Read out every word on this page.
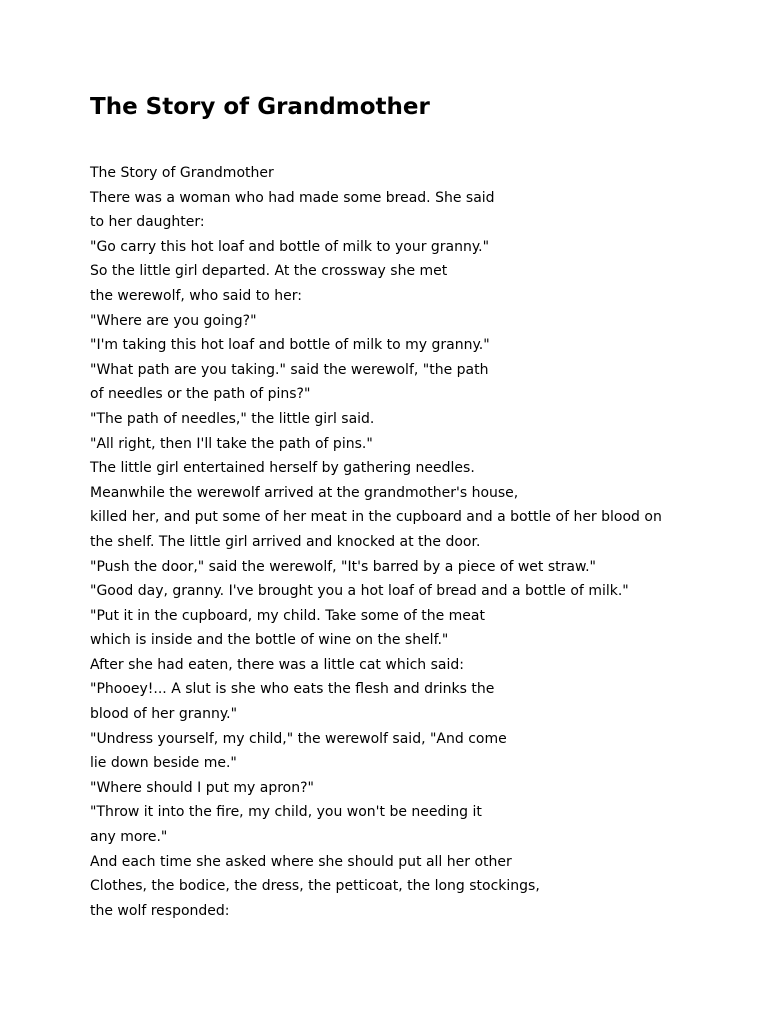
The Story of Grandmother
The Story of Grandmother
There was a woman who had made some bread. She said
to her daughter:
"Go carry this hot loaf and bottle of milk to your granny."
So the little girl departed. At the crossway she met
the werewolf, who said to her:
"Where are you going?"
"I'm taking this hot loaf and bottle of milk to my granny."
"What path are you taking." said the werewolf, "the path
of needles or the path of pins?"
"The path of needles," the little girl said.
"All right, then I'll take the path of pins."
The little girl entertained herself by gathering needles.
Meanwhile the werewolf arrived at the grandmother's house,
killed her, and put some of her meat in the cupboard and a bottle of her blood on
the shelf. The little girl arrived and knocked at the door.
"Push the door," said the werewolf, "It's barred by a piece of wet straw."
"Good day, granny. I've brought you a hot loaf of bread and a bottle of milk."
"Put it in the cupboard, my child. Take some of the meat
which is inside and the bottle of wine on the shelf."
After she had eaten, there was a little cat which said:
"Phooey!... A slut is she who eats the flesh and drinks the
blood of her granny."
"Undress yourself, my child," the werewolf said, "And come
lie down beside me."
"Where should I put my apron?"
"Throw it into the fire, my child, you won't be needing it
any more."
And each time she asked where she should put all her other
Clothes, the bodice, the dress, the petticoat, the long stockings,
the wolf responded:
